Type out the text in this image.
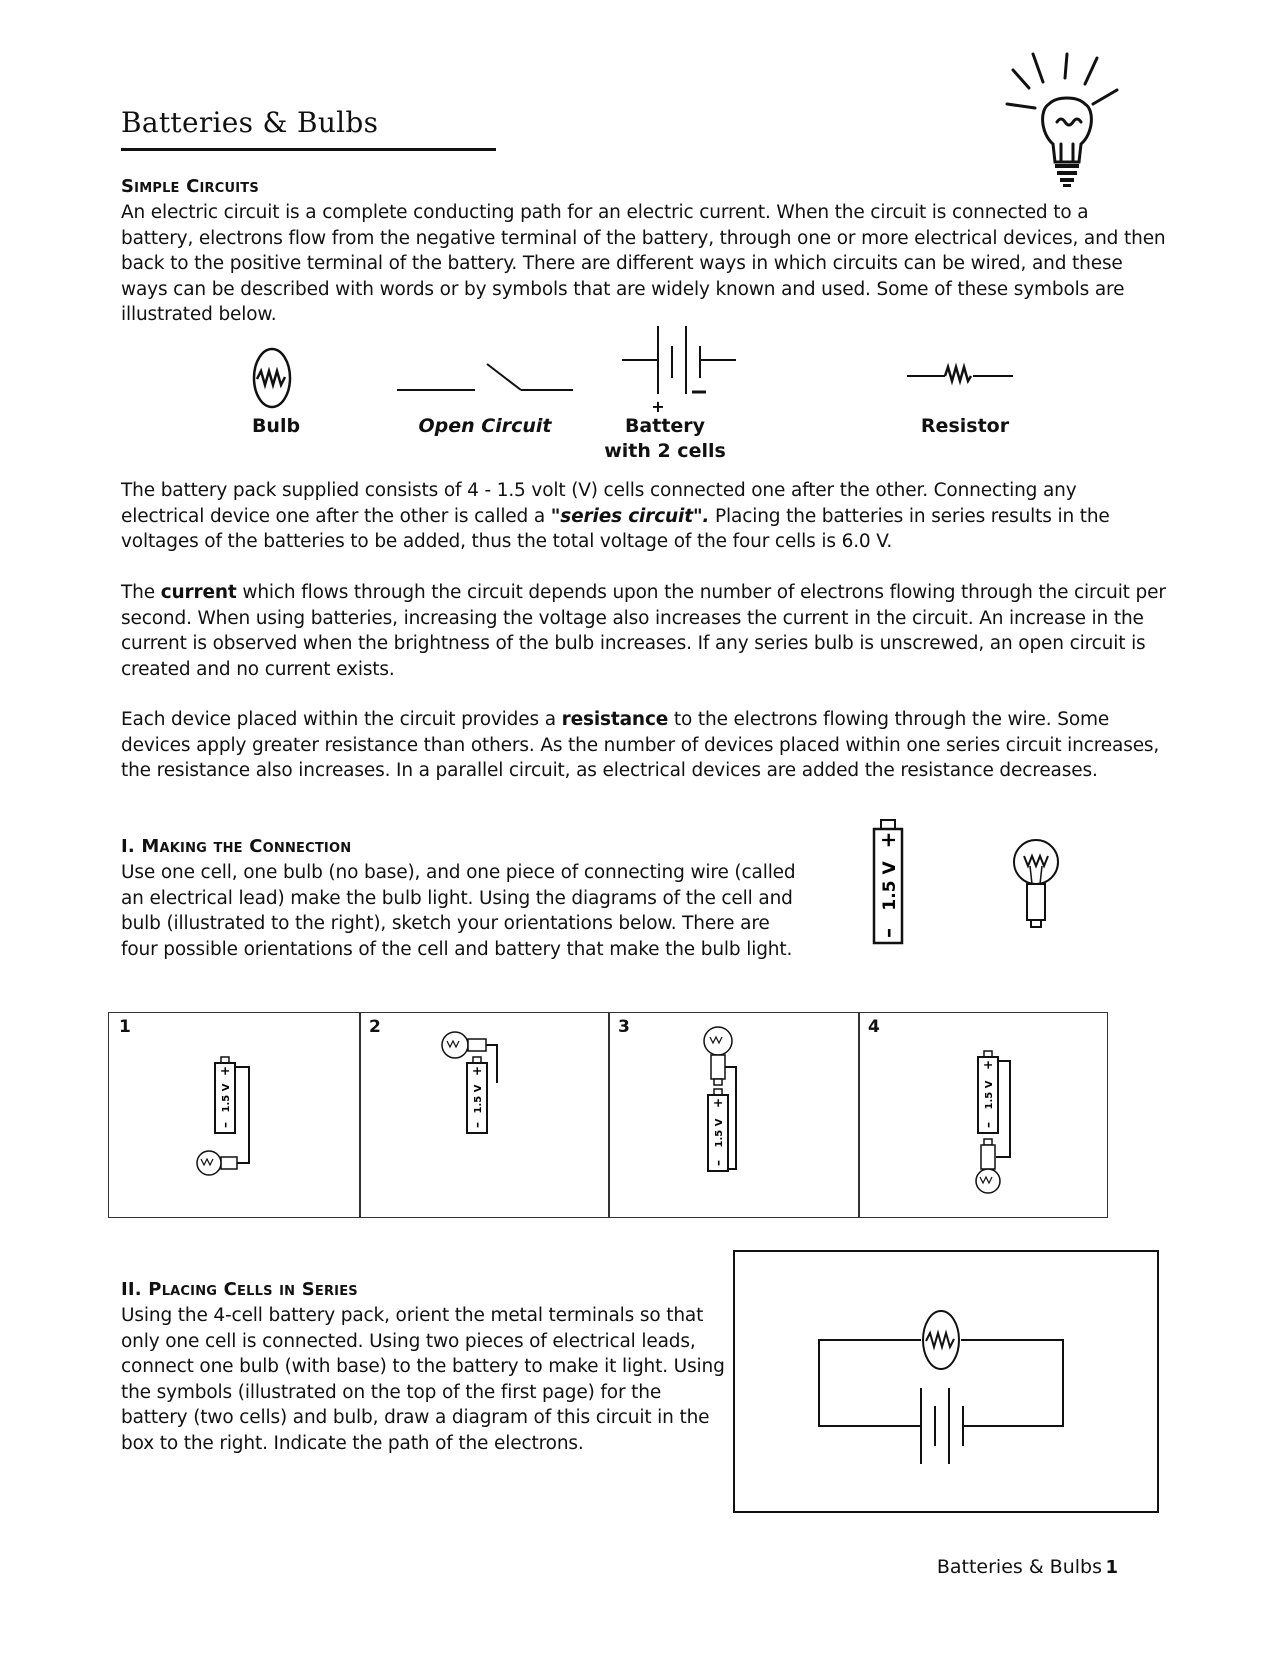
Batteries & Bulbs
Simple Circuits
An electric circuit is a complete conducting path for an electric current. When the circuit is connected to a battery, electrons flow from the negative terminal of the battery, through one or more electrical devices, and then back to the positive terminal of the battery. There are different ways in which circuits can be wired, and these ways can be described with words or by symbols that are widely known and used. Some of these symbols are illustrated below.
+
Bulb	Open Circuit	Battery
with 2 cells
Resistor
The battery pack supplied consists of 4 - 1.5 volt (V) cells connected one after the other. Connecting any electrical device one after the other is called a "series circuit". Placing the batteries in series results in the voltages of the batteries to be added, thus the total voltage of the four cells is 6.0 V.
The current which flows through the circuit depends upon the number of electrons flowing through the circuit per second. When using batteries, increasing the voltage also increases the current in the circuit. An increase in the current is observed when the brightness of the bulb increases. If any series bulb is unscrewed, an open circuit is created and no current exists.
Each device placed within the circuit provides a resistance to the electrons flowing through the wire. Some devices apply greater resistance than others. As the number of devices placed within one series circuit increases, the resistance also increases. In a parallel circuit, as electrical devices are added the resistance decreases.
I. Making the Connection
Use one cell, one bulb (no base), and one piece of connecting wire (called an electrical lead) make the bulb light. Using the diagrams of the cell and bulb (illustrated to the right), sketch your orientations below. There are four possible orientations of the cell and battery that make the bulb light.
1.5 V
+
–
1
1.5 V
+
–
2
1.5 V
+
–
3
1.5 V
+
–
4
1.5 V
+
–
II. Placing Cells in Series
Using the 4-cell battery pack, orient the metal terminals so that only one cell is connected. Using two pieces of electrical leads, connect one bulb (with base) to the battery to make it light. Using the symbols (illustrated on the top of the first page) for the battery (two cells) and bulb, draw a diagram of this circuit in the box to the right. Indicate the path of the electrons.
Batteries & Bulbs 1
